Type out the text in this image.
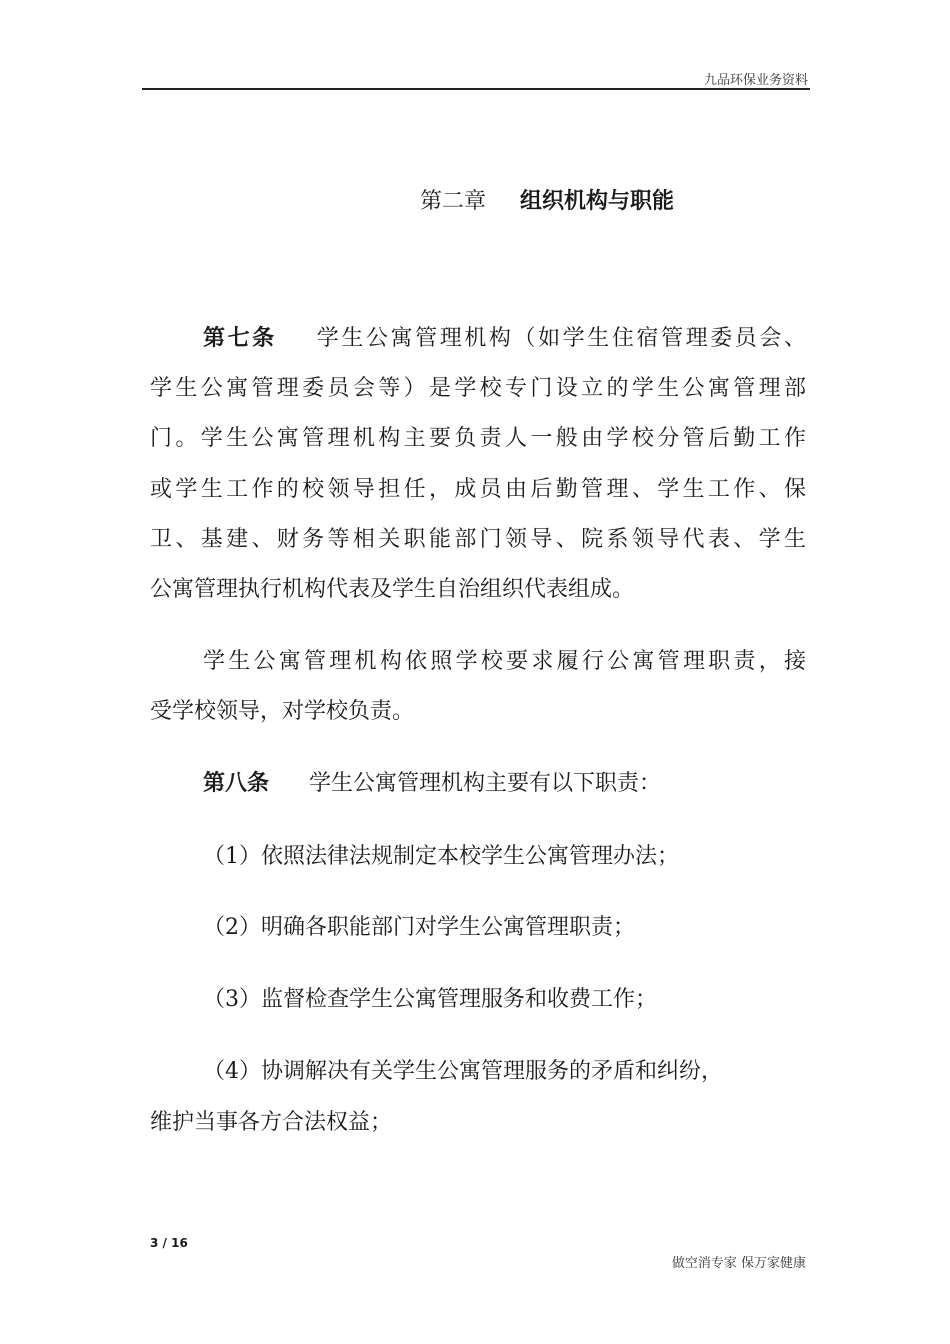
九品环保业务资料
第二章 组织机构与职能
第七条 学生公寓管理机构（如学生住宿管理委员会、
学生公寓管理委员会等）是学校专门设立的学生公寓管理部
门。学生公寓管理机构主要负责人一般由学校分管后勤工作
或学生工作的校领导担任，成员由后勤管理、学生工作、保
卫、基建、财务等相关职能部门领导、院系领导代表、学生
公寓管理执行机构代表及学生自治组织代表组成。
学生公寓管理机构依照学校要求履行公寓管理职责，接
受学校领导，对学校负责。
第八条 学生公寓管理机构主要有以下职责：
（1）依照法律法规制定本校学生公寓管理办法；
（2）明确各职能部门对学生公寓管理职责；
（3）监督检查学生公寓管理服务和收费工作；
（4）协调解决有关学生公寓管理服务的矛盾和纠纷，
维护当事各方合法权益；
3 / 16
做空消专家 保万家健康
